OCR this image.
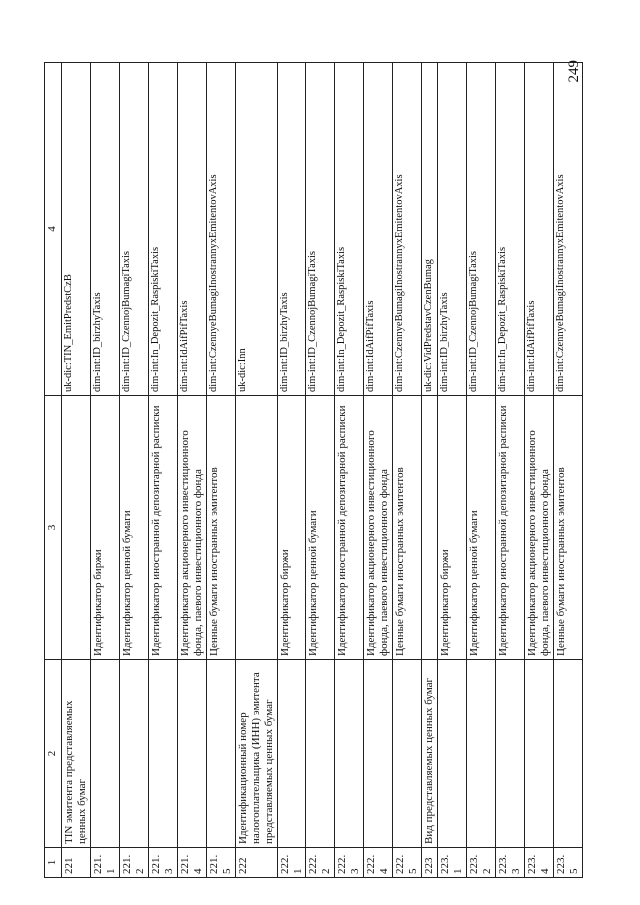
249
1	2	3	4
221	TIN эмитента представляемых ценных бумаг		uk-dic:TIN_EmitPredstCzB
221.1		Идентификатор биржи	dim-int:ID_birzhyTaxis
221.2		Идентификатор ценной бумаги	dim-int:ID_CzennojBumagiTaxis
221.3		Идентификатор иностранной депозитарной расписки	dim-int:In_Depozit_RaspiskiTaxis
221.4		Идентификатор акционерного инвестиционного фонда, паевого инвестиционного фонда	dim-int:IdAifPifTaxis
221.5		Ценные бумаги иностранных эмитентов	dim-int:CzennyeBumagiInostrannyxEmitentovAxis
222	Идентификационный номер налогоплательщика (ИНН) эмитента представляемых ценных бумаг		uk-dic:Inn
222.1		Идентификатор биржи	dim-int:ID_birzhyTaxis
222.2		Идентификатор ценной бумаги	dim-int:ID_CzennojBumagiTaxis
222.3		Идентификатор иностранной депозитарной расписки	dim-int:In_Depozit_RaspiskiTaxis
222.4		Идентификатор акционерного инвестиционного фонда, паевого инвестиционного фонда	dim-int:IdAifPifTaxis
222.5		Ценные бумаги иностранных эмитентов	dim-int:CzennyeBumagiInostrannyxEmitentovAxis
223	Вид представляемых ценных бумаг		uk-dic:VidPredstavCzenBumag
223.1		Идентификатор биржи	dim-int:ID_birzhyTaxis
223.2		Идентификатор ценной бумаги	dim-int:ID_CzennojBumagiTaxis
223.3		Идентификатор иностранной депозитарной расписки	dim-int:In_Depozit_RaspiskiTaxis
223.4		Идентификатор акционерного инвестиционного фонда, паевого инвестиционного фонда	dim-int:IdAifPifTaxis
223.5		Ценные бумаги иностранных эмитентов	dim-int:CzennyeBumagiInostrannyxEmitentovAxis
